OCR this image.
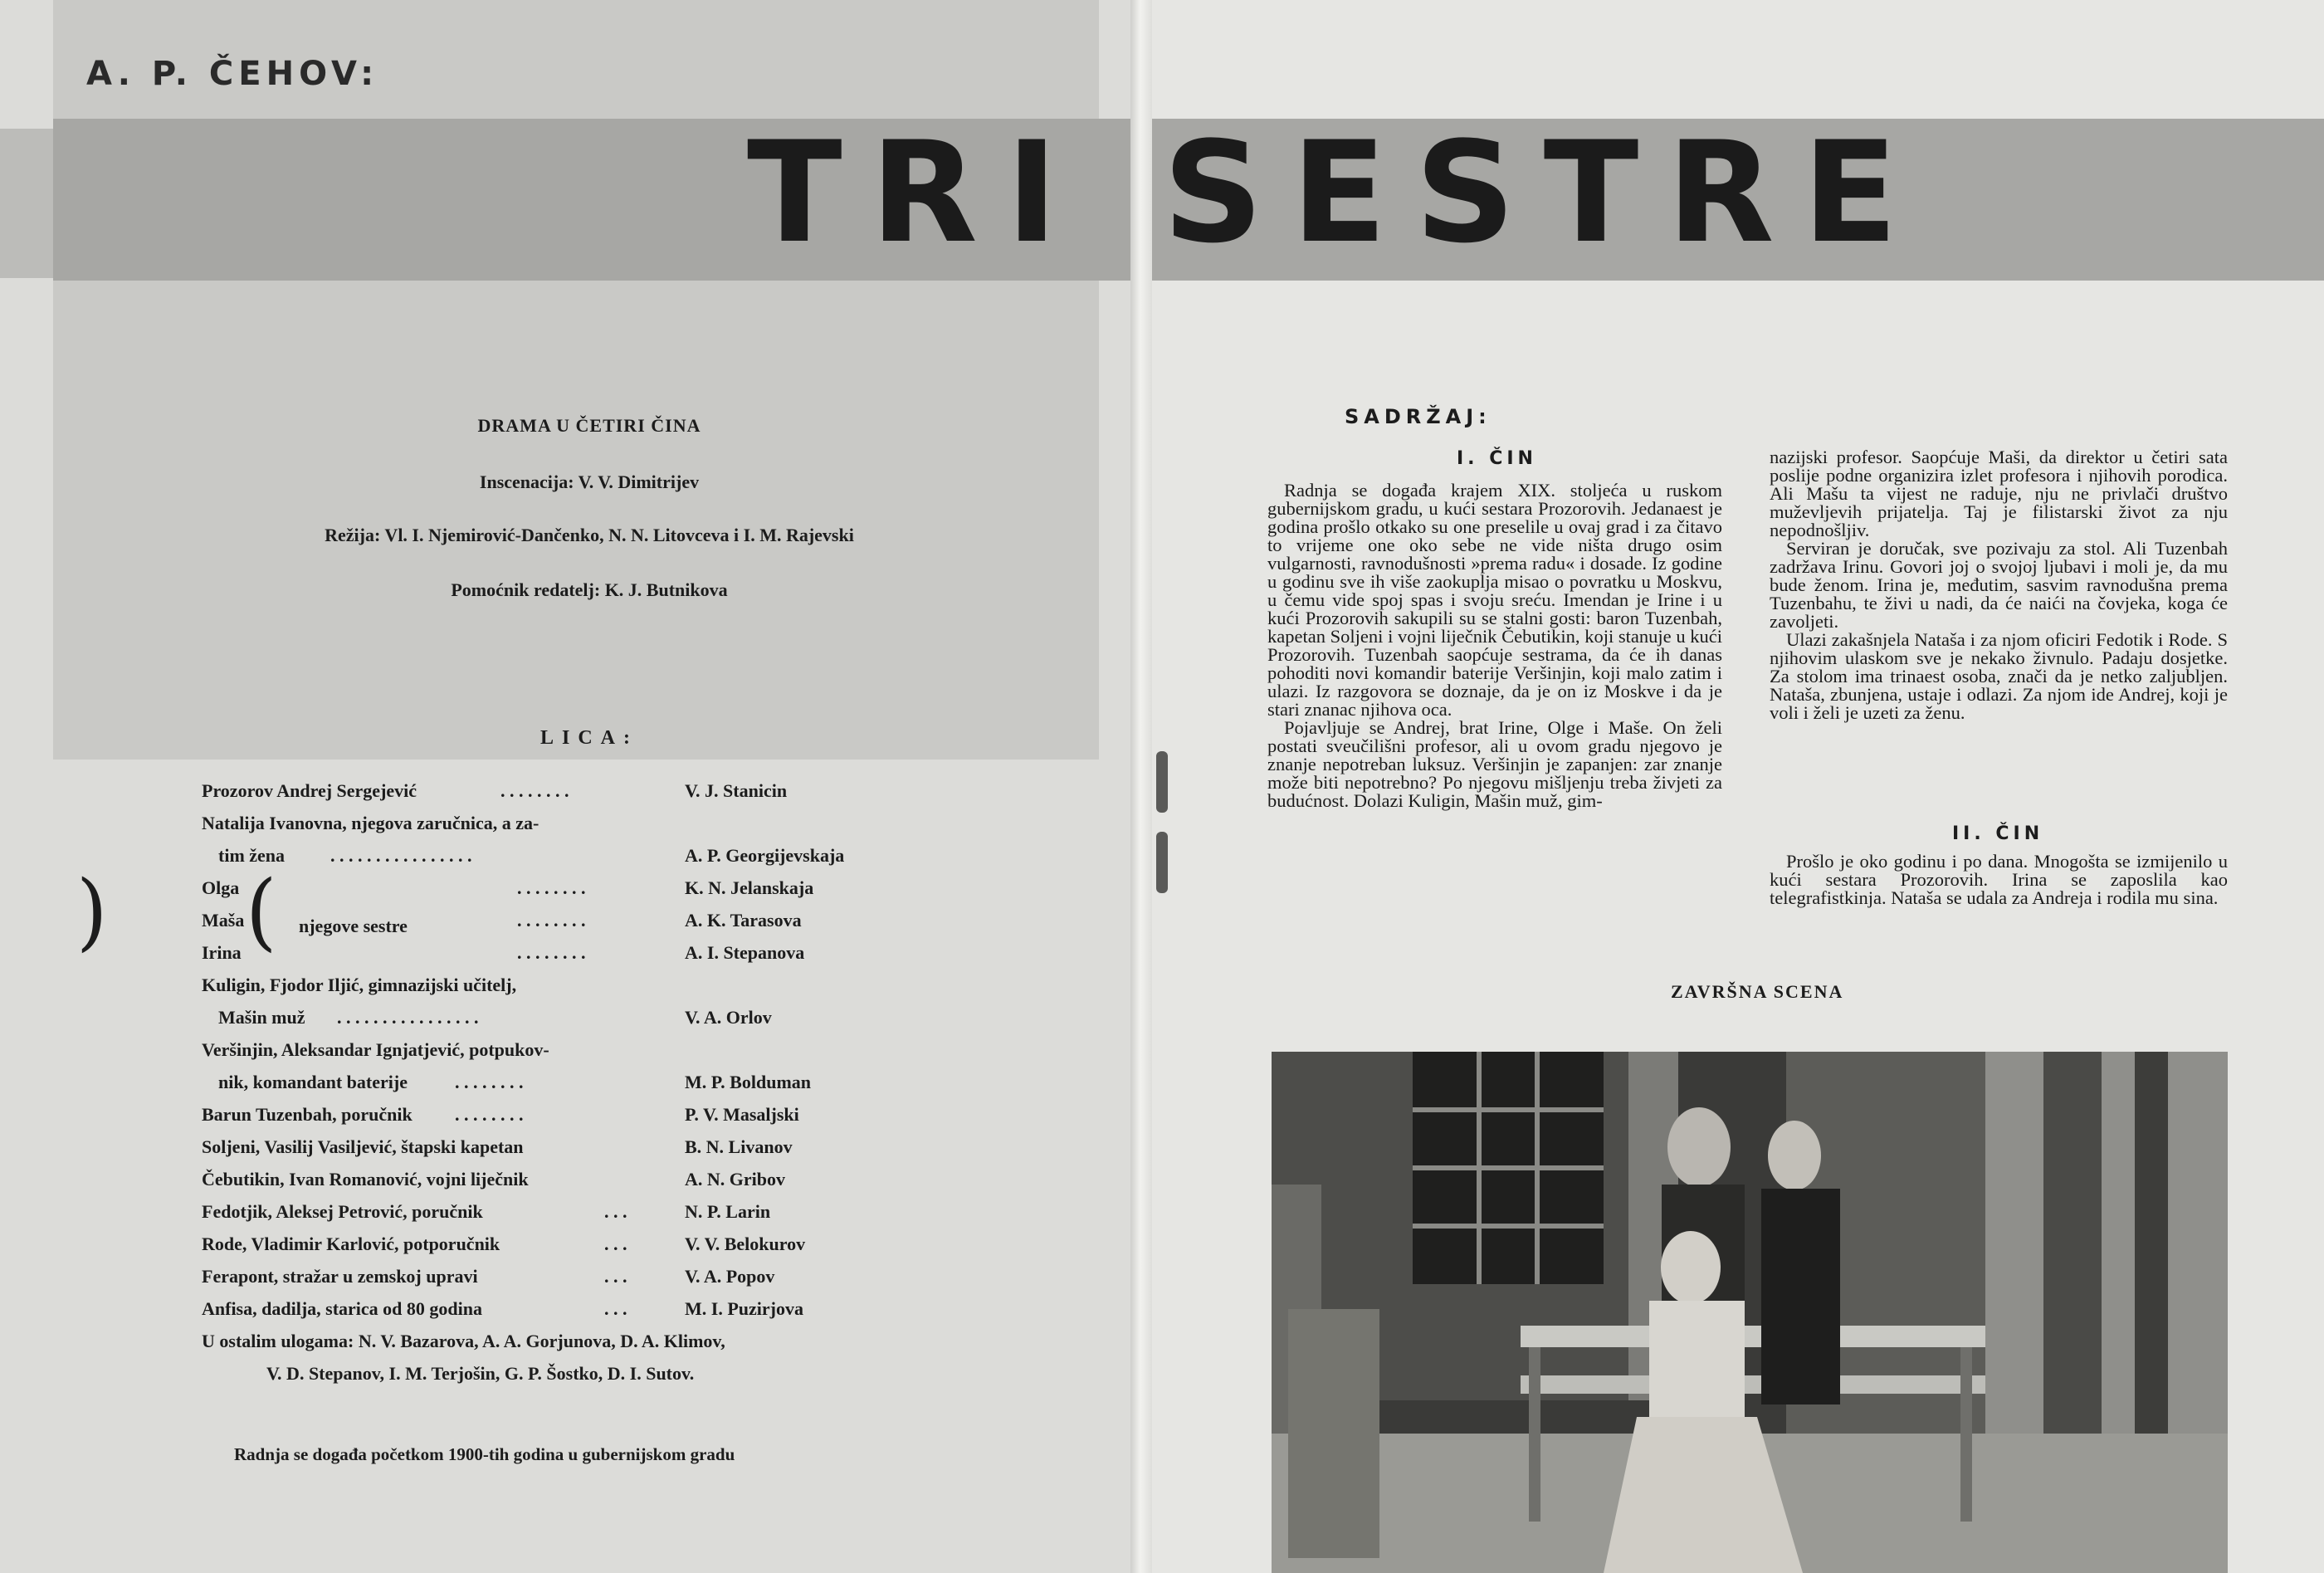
A. P. ČEHOV:
TRI SESTRE

DRAMA U ČETIRI ČINA

Inscenacija: V. V. Dimitrijev

Režija: Vl. I. Njemirović-Dančenko, N. N. Litovceva i I. M. Rajevski

Pomoćnik redatelj: K. J. Butnikova

LICA:
Prozorov Andrej Sergejević	. . . . . . . .	V. J. Stanicin
Natalija Ivanovna, njegova zaručnica, a za-
tim žena . . . . . . . . . . . . . . . .	A. P. Georgijevskaja
Olga	. . . . . . . .	K. N. Jelanskaja
Maša	. . . . . . . .	A. K. Tarasova
Irina	. . . . . . . .	A. I. Stepanova
Kuligin, Fjodor Iljić, gimnazijski učitelj,
Mašin muž . . . . . . . . . . . . . . . .	V. A. Orlov
Veršinjin, Aleksandar Ignjatjević, potpukov-
nik, komandant baterije	. . . . . . . .	M. P. Bolduman
Barun Tuzenbah, poručnik . . . . . . . .	P. V. Masaljski
Soljeni, Vasilij Vasiljević, štapski kapetan	B. N. Livanov
Čebutikin, Ivan Romanović, vojni liječnik	A. N. Gribov
Fedotjik, Aleksej Petrović, poručnik	. . .	N. P. Larin
Rode, Vladimir Karlović, potporučnik	. . .	V. V. Belokurov
Ferapont, stražar u zemskoj upravi	. . .	V. A. Popov
Anfisa, dadilja, starica od 80 godina	. . .	M. I. Puzirjova
U ostalim ulogama: N. V. Bazarova, A. A. Gorjunova, D. A. Klimov,
V. D. Stepanov, I. M. Terjošin, G. P. Šostko, D. I. Sutov.
)	njegove sestre
(

Radnja se događa početkom 1900-tih godina u gubernijskom gradu

SADRŽAJ:
I. ČIN

Radnja se događa krajem XIX. stoljeća u ruskom gubernijskom gradu, u kući sestara Prozorovih. Jedanaest je godina prošlo otkako su one preselile u ovaj grad i za čitavo to vrijeme one oko sebe ne vide ništa drugo osim vulgarnosti, ravnodušnosti »prema radu« i dosade. Iz godine u godinu sve ih više zaokuplja misao o povratku u Moskvu, u čemu vide spoj spas i svoju sreću. Imendan je Irine i u kući Prozorovih sakupili su se stalni gosti: baron Tuzenbah, kapetan Soljeni i vojni liječnik Čebutikin, koji stanuje u kući Prozorovih. Tuzenbah saopćuje sestrama, da će ih danas pohoditi novi komandir baterije Veršinjin, koji malo zatim i ulazi. Iz razgovora se doznaje, da je on iz Moskve i da je stari znanac njihova oca.

Pojavljuje se Andrej, brat Irine, Olge i Maše. On želi postati sveučilišni profesor, ali u ovom gradu njegovo je znanje nepotreban luksuz. Veršinjin je zapanjen: zar znanje može biti nepotrebno? Po njegovu mišljenju treba živjeti za budućnost. Dolazi Kuligin, Mašin muž, gim-

nazijski profesor. Saopćuje Maši, da direktor u četiri sata poslije podne organizira izlet profesora i njihovih porodica. Ali Mašu ta vijest ne raduje, nju ne privlači društvo muževljevih prijatelja. Taj je filistarski život za nju nepodnošljiv.

Serviran je doručak, sve pozivaju za stol. Ali Tuzenbah zadržava Irinu. Govori joj o svojoj ljubavi i moli je, da mu bude ženom. Irina je, međutim, sasvim ravnodušna prema Tuzenbahu, te živi u nadi, da će naići na čovjeka, koga će zavoljeti.

Ulazi zakašnjela Nataša i za njom oficiri Fedotik i Rode. S njihovim ulaskom sve je nekako živnulo. Padaju dosjetke. Za stolom ima trinaest osoba, znači da je netko zaljubljen. Nataša, zbunjena, ustaje i odlazi. Za njom ide Andrej, koji je voli i želi je uzeti za ženu.

II. ČIN

Prošlo je oko godinu i po dana. Mnogošta se izmijenilo u kući sestara Prozorovih. Irina se zaposlila kao telegrafistkinja. Nataša se udala za Andreja i rodila mu sina.

ZAVRŠNA SCENA
